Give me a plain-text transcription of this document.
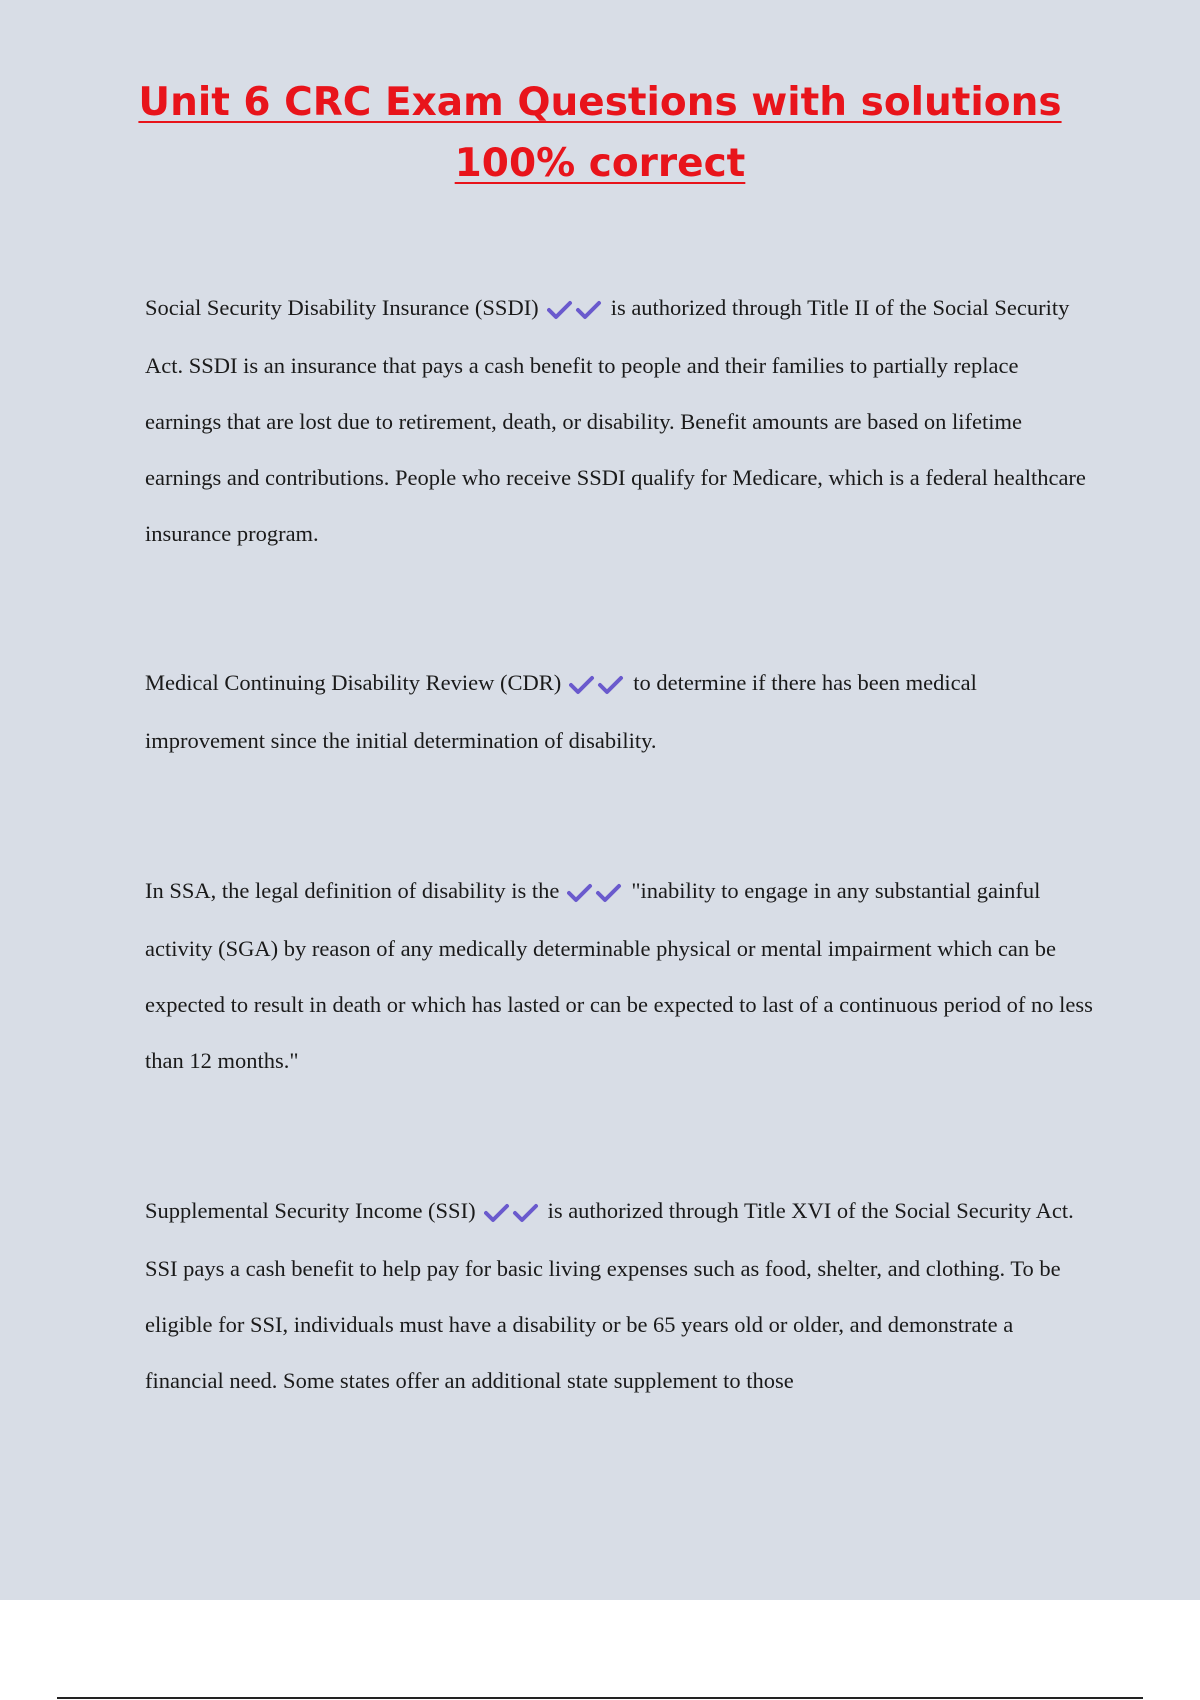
Unit 6 CRC Exam Questions with solutions
100% correct
Social Security Disability Insurance (SSDI)	is authorized through Title II of the Social Security Act. SSDI is an insurance that pays a cash benefit to people and their families to partially replace earnings that are lost due to retirement, death, or disability. Benefit amounts are based on lifetime earnings and contributions. People who receive SSDI qualify for Medicare, which is a federal healthcare insurance program.
Medical Continuing Disability Review (CDR)	to determine if there has been medical improvement since the initial determination of disability.
In SSA, the legal definition of disability is the	"inability to engage in any substantial gainful activity (SGA) by reason of any medically determinable physical or mental impairment which can be expected to result in death or which has lasted or can be expected to last of a continuous period of no less than 12 months."
Supplemental Security Income (SSI)	is authorized through Title XVI of the Social Security Act. SSI pays a cash benefit to help pay for basic living expenses such as food, shelter, and clothing. To be eligible for SSI, individuals must have a disability or be 65 years old or older, and demonstrate a financial need. Some states offer an additional state supplement to those
